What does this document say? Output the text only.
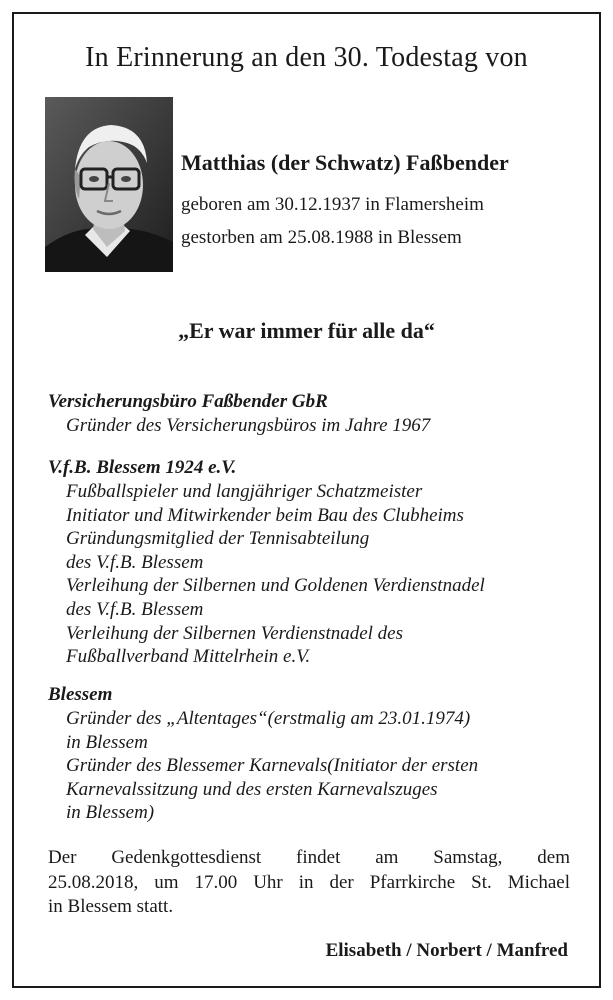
In Erinnerung an den 30. Todestag von
Matthias (der Schwatz) Faßbender
geboren am 30.12.1937 in Flamersheim
gestorben am 25.08.1988 in Blessem
„Er war immer für alle da“
Versicherungsbüro Faßbender GbR
Gründer des Versicherungsbüros im Jahre 1967
V.f.B. Blessem 1924 e.V.
Fußballspieler und langjähriger Schatzmeister
Initiator und Mitwirkender beim Bau des Clubheims
Gründungsmitglied der Tennisabteilung
des V.f.B. Blessem
Verleihung der Silbernen und Goldenen Verdienstnadel
des V.f.B. Blessem
Verleihung der Silbernen Verdienstnadel des
Fußballverband Mittelrhein e.V.
Blessem
Gründer des „Altentages“(erstmalig am 23.01.1974)
in Blessem
Gründer des Blessemer Karnevals(Initiator der ersten
Karnevalssitzung und des ersten Karnevalszuges
in Blessem)
Der Gedenkgottesdienst findet am Samstag, dem
25.08.2018, um 17.00 Uhr in der Pfarrkirche St. Michael
in Blessem statt.
Elisabeth / Norbert / Manfred
